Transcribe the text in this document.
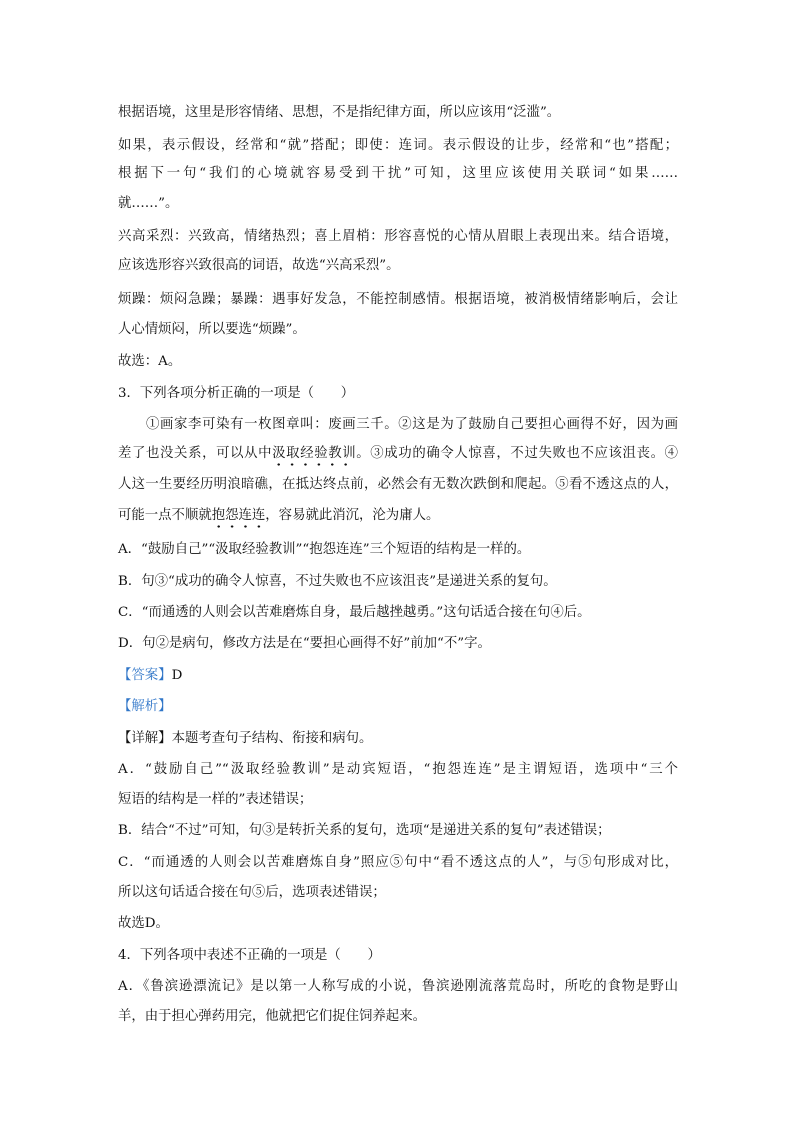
根据语境，这里是形容情绪、思想，不是指纪律方面，所以应该用“泛滥”。
如果，表示假设，经常和“就”搭配；即使：连词。表示假设的让步，经常和“也”搭配；
根据下一句“我们的心境就容易受到干扰”可知，这里应该使用关联词“如果……
就……”。
兴高采烈：兴致高，情绪热烈；喜上眉梢：形容喜悦的心情从眉眼上表现出来。结合语境，
应该选形容兴致很高的词语，故选“兴高采烈”。
烦躁：烦闷急躁；暴躁：遇事好发急，不能控制感情。根据语境，被消极情绪影响后，会让
人心情烦闷，所以要选“烦躁”。
故选：A。
3．下列各项分析正确的一项是（　　）
①画家李可染有一枚图章叫：废画三千。②这是为了鼓励自己要担心画得不好，因为画
差了也没关系，可以从中汲取经验教训。③成功的确令人惊喜，不过失败也不应该沮丧。④
人这一生要经历明浪暗礁，在抵达终点前，必然会有无数次跌倒和爬起。⑤看不透这点的人，
可能一点不顺就抱怨连连，容易就此消沉，沦为庸人。
A．“鼓励自己”“汲取经验教训”“抱怨连连”三个短语的结构是一样的。
B．句③“成功的确令人惊喜，不过失败也不应该沮丧”是递进关系的复句。
C．“而通透的人则会以苦难磨炼自身，最后越挫越勇。”这句话适合接在句④后。
D．句②是病句，修改方法是在“要担心画得不好”前加“不”字。
【答案】D
【解析】
【详解】本题考查句子结构、衔接和病句。
A．“鼓励自己”“汲取经验教训”是动宾短语，“抱怨连连”是主谓短语，选项中“三个
短语的结构是一样的”表述错误；
B．结合“不过”可知，句③是转折关系的复句，选项“是递进关系的复句”表述错误；
C．“而通透的人则会以苦难磨炼自身”照应⑤句中“看不透这点的人”，与⑤句形成对比，
所以这句话适合接在句⑤后，选项表述错误；
故选D。
4．下列各项中表述不正确的一项是（　　）
A．《鲁滨逊漂流记》是以第一人称写成的小说，鲁滨逊刚流落荒岛时，所吃的食物是野山
羊，由于担心弹药用完，他就把它们捉住饲养起来。
